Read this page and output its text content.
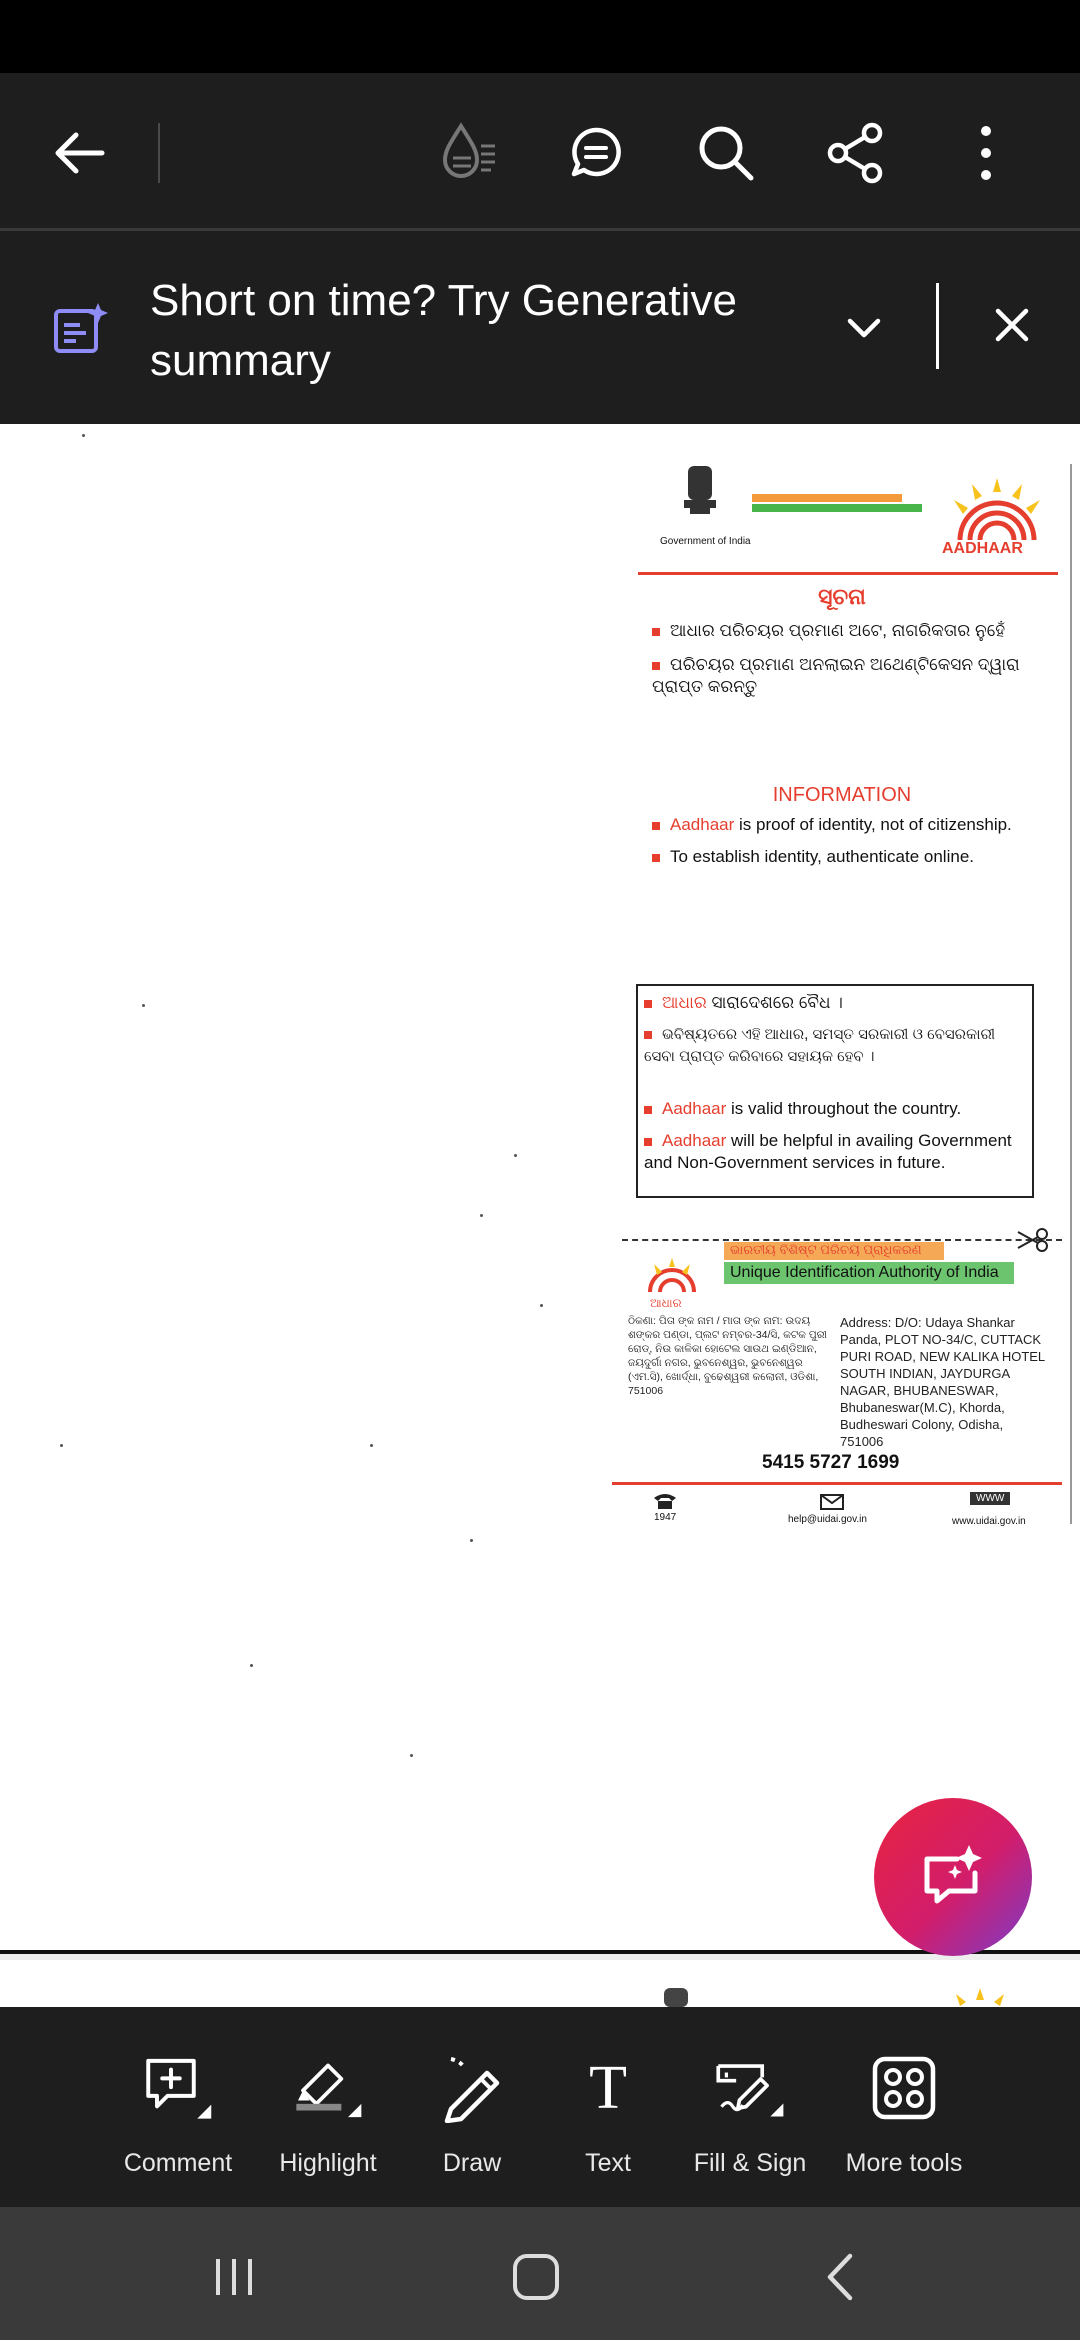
Short on time? Try Generative summary
Government of India	AADHAAR
ସୂଚନା
ଆଧାର ପରିଚୟର ପ୍ରମାଣ ଅଟେ, ନାଗରିକତାର ନୁହେଁ
ପରିଚୟର ପ୍ରମାଣ ଅନଲାଇନ ଅଥେଣ୍ଟିକେସନ ଦ୍ୱାରା ପ୍ରାପ୍ତ କରନ୍ତୁ
INFORMATION
Aadhaar is proof of identity, not of citizenship.
To establish identity, authenticate online.
ଆଧାର ସାରାଦେଶରେ ବୈଧ ।
ଭବିଷ୍ୟତରେ ଏହି ଆଧାର, ସମସ୍ତ ସରକାରୀ ଓ ବେସରକାରୀ ସେବା ପ୍ରାପ୍ତ କରିବାରେ ସହାୟକ ହେବ ।
Aadhaar is valid throughout the country.
Aadhaar will be helpful in availing Government and Non-Government services in future.
ଆଧାର
ଭାରତୀୟ ବିଶିଷ୍ଟ ପରିଚୟ ପ୍ରାଧିକରଣ
Unique Identification Authority of India
ଠିକଣା: ପିତା ଙ୍କ ନାମ / ମାତା ଙ୍କ ନାମ: ଉଦୟ ଶଙ୍କର ପଣ୍ଡା, ପ୍ଲଟ ନମ୍ବର-34/ସି, କଟକ ପୁରୀ ରୋଡ୍, ନିଉ କାଳିକା ହୋଟେଲ ସାଉଥ ଇଣ୍ଡିଆନ, ଜୟଦୁର୍ଗା ନଗର, ଭୁବନେଶ୍ୱର, ଭୁବନେଶ୍ୱର (ଏମ.ସି), ଖୋର୍ଦ୍ଧା, ବୁଢେଶ୍ୱରୀ କଲୋନୀ, ଓଡିଶା, 751006
Address: D/O: Udaya Shankar Panda, PLOT NO-34/C, CUTTACK PURI ROAD, NEW KALIKA HOTEL SOUTH INDIAN, JAYDURGA NAGAR, BHUBANESWAR, Bhubaneswar(M.C), Khorda, Budheswari Colony, Odisha, 751006
5415 5727 1699
1947	help@uidai.gov.in
WWW
www.uidai.gov.in
Comment Highlight	Draw
T
Text	Fill & Sign More tools
